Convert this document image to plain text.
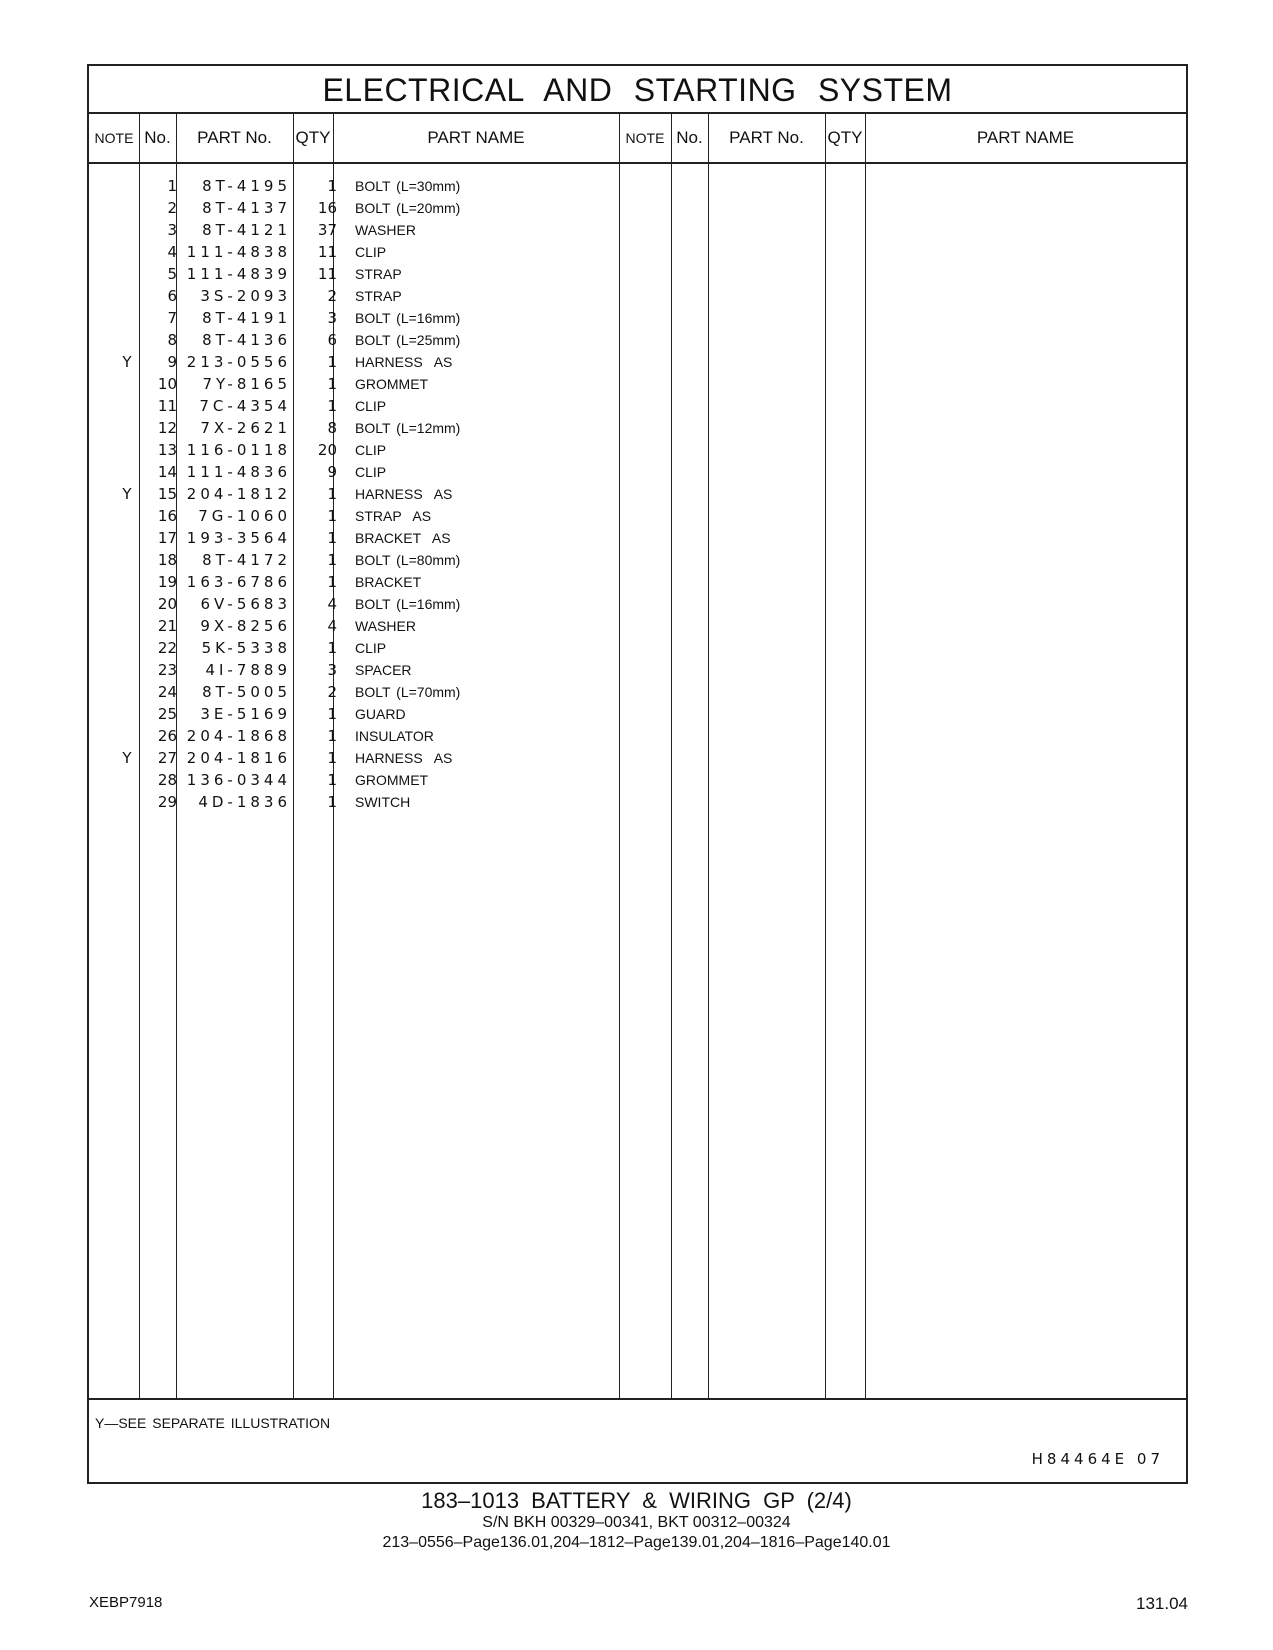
ELECTRICAL AND STARTING SYSTEM
NOTE No.	PART No.	QTY	PART NAME	NOTE No.	PART No.	QTY	PART NAME
1	8T-4195	1 BOLT (L=30mm)
2	8T-4137	16 BOLT (L=20mm)
3	8T-4121	37 WASHER
4 111-4838	11 CLIP
5 111-4839	11 STRAP
6	3S-2093	2 STRAP
7	8T-4191	3 BOLT (L=16mm)
8	8T-4136	6 BOLT (L=25mm)
Y	9 213-0556	1 HARNESS  AS
10	7Y-8165	1 GROMMET
11	7C-4354	1 CLIP
12	7X-2621	8 BOLT (L=12mm)
13 116-0118	20 CLIP
14 111-4836	9 CLIP
Y	15 204-1812	1 HARNESS  AS
16	7G-1060	1 STRAP  AS
17 193-3564	1 BRACKET  AS
18	8T-4172	1 BOLT (L=80mm)
19 163-6786	1 BRACKET
20	6V-5683	4 BOLT (L=16mm)
21	9X-8256	4 WASHER
22	5K-5338	1 CLIP
23	4I-7889	3 SPACER
24	8T-5005	2 BOLT (L=70mm)
25	3E-5169	1 GUARD
26 204-1868	1 INSULATOR
Y	27 204-1816	1 HARNESS  AS
28 136-0344	1 GROMMET
29	4D-1836	1 SWITCH
Y—SEE SEPARATE ILLUSTRATION
H84464E 07
183–1013 BATTERY & WIRING GP (2/4)
S/N BKH 00329–00341, BKT 00312–00324
213–0556–Page136.01,204–1812–Page139.01,204–1816–Page140.01
XEBP7918	131.04
